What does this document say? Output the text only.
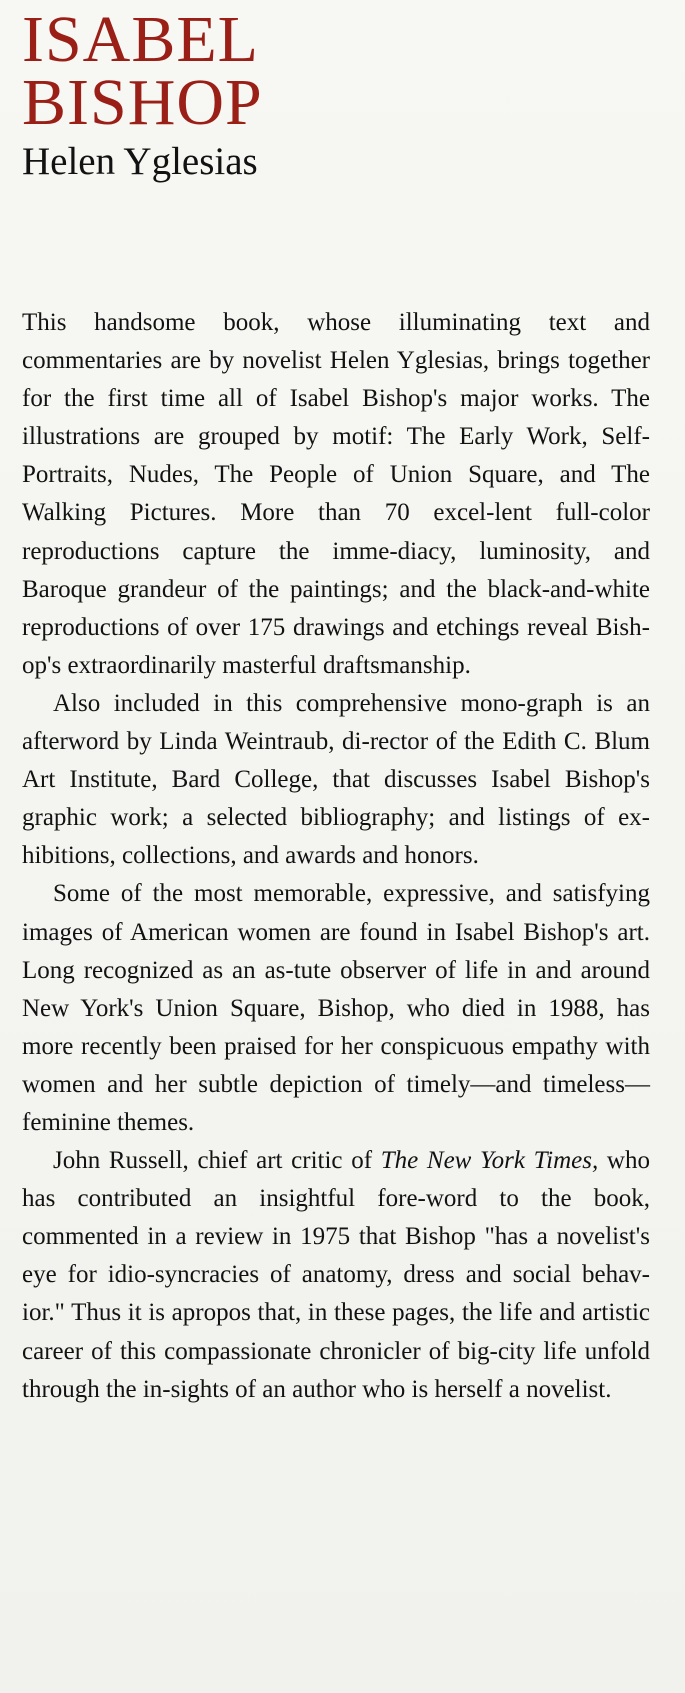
ISABEL
BISHOP
Helen Yglesias

This handsome book, whose illuminating text and commentaries are by novelist Helen Yglesias, brings together for the first time all of Isabel Bishop's major works. The illustrations are grouped by motif: The Early Work, Self-Portraits, Nudes, The People of Union Square, and The Walking Pictures. More than 70 excel-lent full-color reproductions capture the imme-diacy, luminosity, and Baroque grandeur of the paintings; and the black-and-white reproductions of over 175 drawings and etchings reveal Bish-op's extraordinarily masterful draftsmanship.

Also included in this comprehensive mono-graph is an afterword by Linda Weintraub, di-rector of the Edith C. Blum Art Institute, Bard College, that discusses Isabel Bishop's graphic work; a selected bibliography; and listings of ex-hibitions, collections, and awards and honors.

Some of the most memorable, expressive, and satisfying images of American women are found in Isabel Bishop's art. Long recognized as an as-tute observer of life in and around New York's Union Square, Bishop, who died in 1988, has more recently been praised for her conspicuous empathy with women and her subtle depiction of timely—and timeless—feminine themes.

John Russell, chief art critic of The New York Times, who has contributed an insightful fore-word to the book, commented in a review in 1975 that Bishop "has a novelist's eye for idio-syncracies of anatomy, dress and social behav-ior." Thus it is apropos that, in these pages, the life and artistic career of this compassionate chronicler of big-city life unfold through the in-sights of an author who is herself a novelist.
